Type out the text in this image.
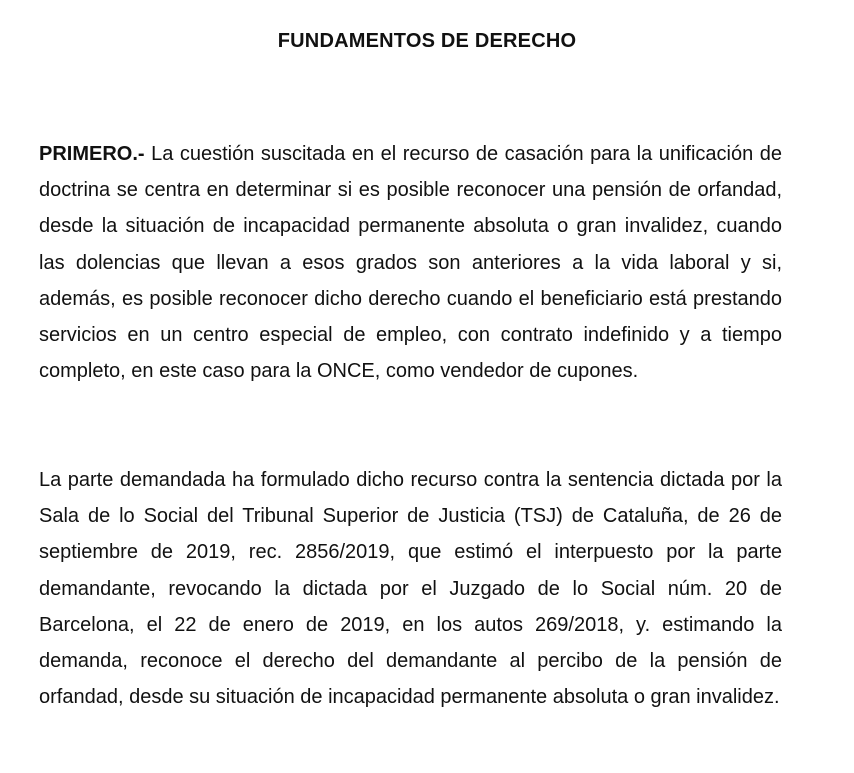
FUNDAMENTOS DE DERECHO

PRIMERO.- La cuestión suscitada en el recurso de casación para la unificación de doctrina se centra en determinar si es posible reconocer una pensión de orfandad, desde la situación de incapacidad permanente absoluta o gran invalidez, cuando las dolencias que llevan a esos grados son anteriores a la vida laboral y si, además, es posible reconocer dicho derecho cuando el beneficiario está prestando servicios en un centro especial de empleo, con contrato indefinido y a tiempo completo, en este caso para la ONCE, como vendedor de cupones.

La parte demandada ha formulado dicho recurso contra la sentencia dictada por la Sala de lo Social del Tribunal Superior de Justicia (TSJ) de Cataluña, de 26 de septiembre de 2019, rec. 2856/2019, que estimó el interpuesto por la parte demandante, revocando la dictada por el Juzgado de lo Social núm. 20 de Barcelona, el 22 de enero de 2019, en los autos 269/2018, y. estimando la demanda, reconoce el derecho del demandante al percibo de la pensión de orfandad, desde su situación de incapacidad permanente absoluta o gran invalidez.
